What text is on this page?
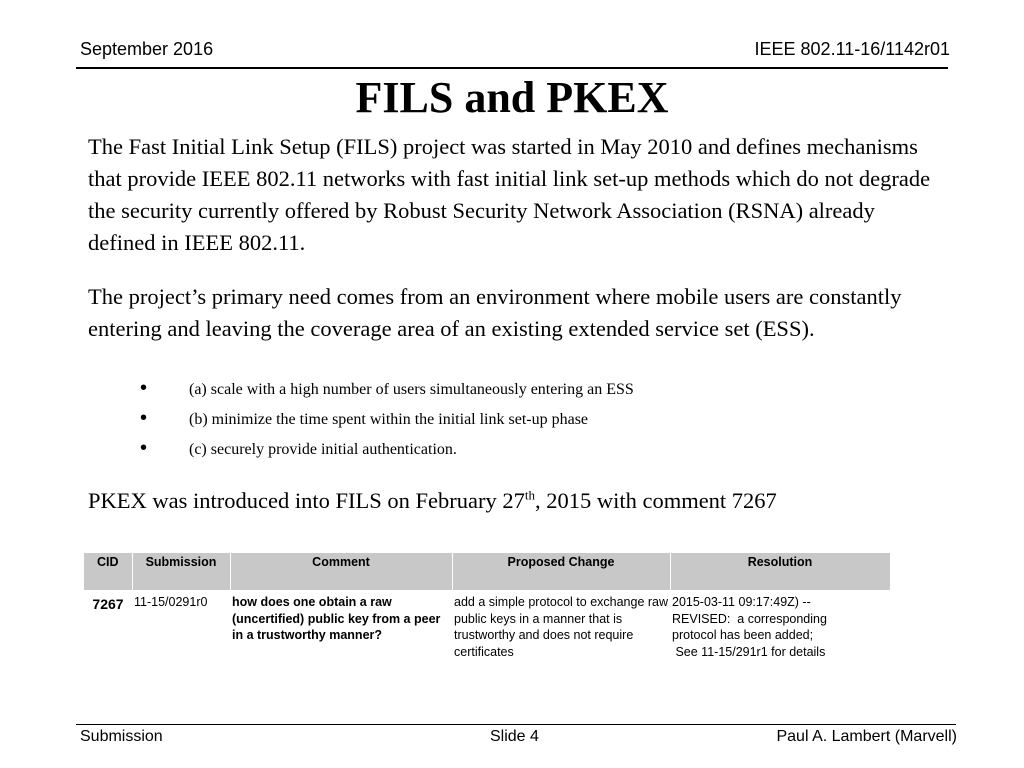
September 2016	IEEE 802.11-16/1142r01
FILS and PKEX
The Fast Initial Link Setup (FILS) project was started in May 2010 and defines mechanisms that provide IEEE 802.11 networks with fast initial link set-up methods which do not degrade the security currently offered by Robust Security Network Association (RSNA) already defined in IEEE 802.11.
The project’s primary need comes from an environment where mobile users are constantly entering and leaving the coverage area of an existing extended service set (ESS).
•	(a) scale with a high number of users simultaneously entering an ESS
•	(b) minimize the time spent within the initial link set-up phase
•	(c) securely provide initial authentication.
PKEX was introduced into FILS on February 27th, 2015 with comment 7267
CID	Submission	Comment	Proposed Change	Resolution
7267	11-15/0291r0	how does one obtain a raw (uncertified) public key from a peer in a trustworthy manner?	add a simple protocol to exchange raw public keys in a manner that is trustworthy and does not require certificates	2015-03-11 09:17:49Z) --
REVISED:  a corresponding
protocol has been added;
See 11-15/291r1 for details
Submission	Slide 4	Paul A. Lambert (Marvell)
